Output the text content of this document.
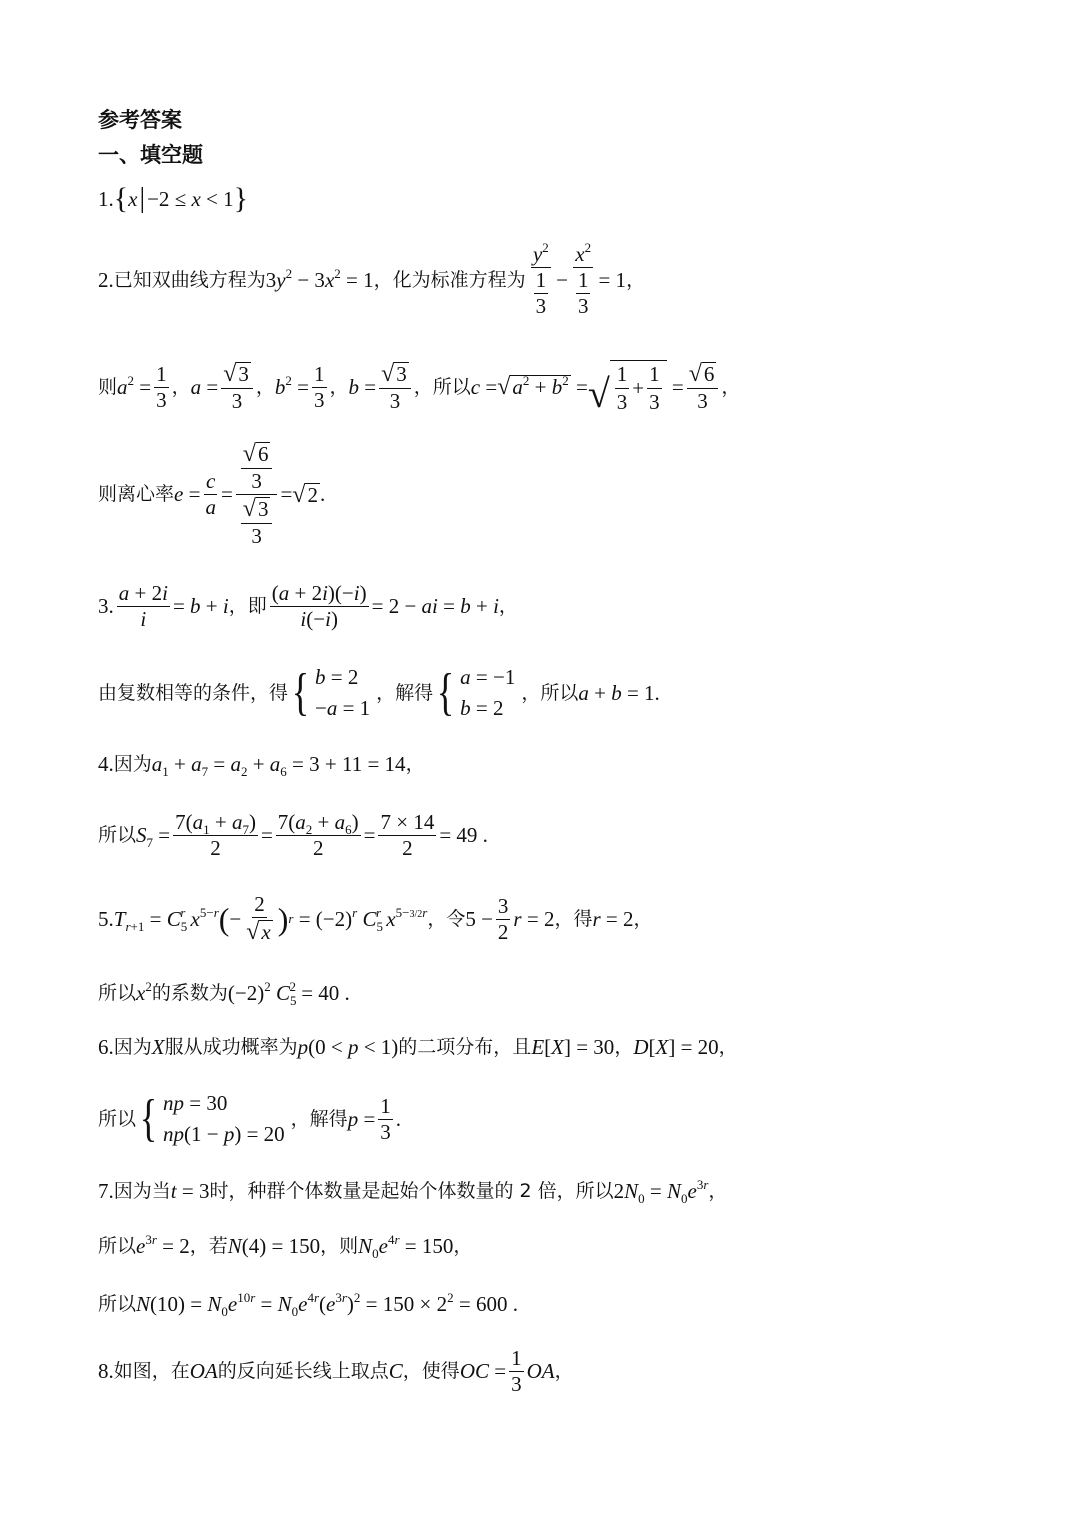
参考答案
一、填空题
1. { x | −2 ≤ x < 1 }
2. 已知双曲线方程为 $3y^2 - 3x^2 = 1$ ，化为标准方程为 $\frac{y^2}{\frac{1}{3}} - \frac{x^2}{\frac{1}{3}} = 1$ ，
则 $a^2 = \frac{1}{3}$ ， $a = \frac{√ 3}{3}$ ， $b^2 = \frac{1}{3}$ ， $b = \frac{√ 3}{3}$ ，所以 c = √ $a^2 + b^2$ = √ $\frac{1}{3} + \frac{1}{3} = \frac{√ 6}{3}$ ，
则离心率 $e = \frac{c}{a} = \frac{\frac{√ 6}{3}}{\frac{√ 3}{3}}$ = √ 2 .
3. $\frac{a + 2i}{i} = b + i$ ，即 $\frac{(a + 2i)(-i)}{i(-i)} = 2$ − ai = b + i ，
由复数相等的条件，得 { b = 2
−a = 1
，解得 { a = −1
b = 2
，所以 a + b = 1.
4. 因为 $a_1 + a_7 = a_2 + a_6 = 3 + 11 = 14$ ，
所以 $S_7 = \frac{7(a_1 + a_7)}{2} = \frac{7(a_2 + a_6)}{2} = \frac{7 \times 14}{2} = 49$ .
5. $T_{r+1} = C_5^r$ $x^{5-r}$ ( − $\frac{2}{√ x}$ ) $r = (-2)^r$ $C_5^r$ $x^{5-3/2r}$ ，令 $5 - \frac{3}{2}$ r = 2 ，得 r = 2 ，
所以 $x^2$ 的系数为 $(-2)^2$ $C_5^2 = 40$ .
6. 因为 X 服从成功概率为 p(0 < p < 1) 的二项分布，且 E[X] = 30 ， D[X] = 20 ，
所以 { np = 30
np(1 − p) = 20
，解得 $p = \frac{1}{3}$ .
7. 因为当 t = 3 时，种群个体数量是起始个体数量的 2 倍，所以 $2N_0 = N_0e^{3r}$ ，
所以 $e^{3r} = 2$ ，若 N(4) = 150 ，则 $N_0e^{4r} = 150$ ，
所以 $N(10) = N_0e^{10r} = N_0e^{4r}(e^{3r})^2 = 150 \times 2^2 = 600$ .
8. 如图，在 OA 的反向延长线上取点 C ，使得 OC = $\frac{1}{3}$ OA ，
